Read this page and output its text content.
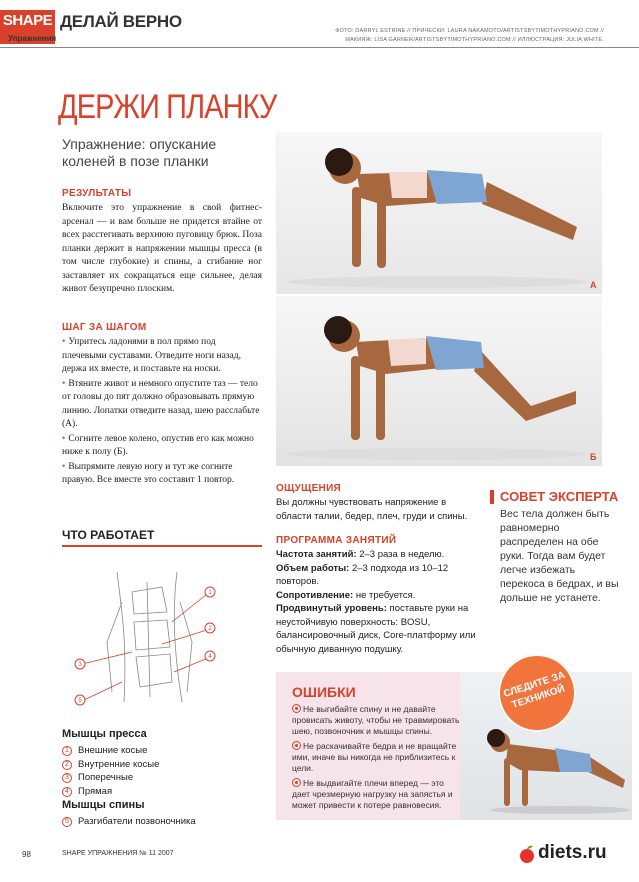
SHAPE
Упражнения
ДЕЛАЙ ВЕРНО	ФОТО: DARRYL ESTRINE // ПРИЧЕСКИ: LAURA NAKAMOTO/ARTISTSBYTIMOTHYPRIANO.COM //
МАКИЯЖ: LISA GARNER/ARTISTSBYTIMOTHYPRIANO.COM // ИЛЛЮСТРАЦИЯ: JULIA WHITE.
ДЕРЖИ ПЛАНКУ
Упражнение: опускание коленей в позе планки
РЕЗУЛЬТАТЫ
Включите это упражнение в свой фитнес-арсенал — и вам больше не придется втайне от всех расстегивать верхнюю пуговицу брюк. Поза планки держит в напряжении мышцы пресса (в том числе глубокие) и спины, а сгибание ног заставляет их сокращаться еще сильнее, делая живот безупречно плоским.
ШАГ ЗА ШАГОМ
• Упритесь ладонями в пол прямо под плечевыми суставами. Отведите ноги назад, держа их вместе, и поставьте на носки.
• Втяните живот и немного опустите таз — тело от головы до пят должно образовывать прямую линию. Лопатки отведите назад, шею расслабьте (А).
• Согните левое колено, опустив его как можно ниже к полу (Б).
• Выпрямите левую ногу и тут же согните правую. Все вместе это составит 1 повтор.
ЧТО РАБОТАЕТ
1
2
3
4
5
Мышцы пресса
1 Внешние косые
2 Внутренние косые
3 Поперечные
4 Прямая
Мышцы спины
5 Разгибатели позвоночника
А
Б
ОЩУЩЕНИЯ
Вы должны чувствовать напряжение в области талии, бедер, плеч, груди и спины.
ПРОГРАММА ЗАНЯТИЙ

Частота занятий: 2–3 раза в неделю.

Объем работы: 2–3 подхода из 10–12 повторов.

Сопротивление: не требуется.

Продвинутый уровень: поставьте руки на неустойчивую поверхность: BOSU, балансировочный диск, Core-платформу или обычную диванную подушку.

СОВЕТ ЭКСПЕРТА
Вес тела должен быть равномерно распределен на обе руки. Тогда вам будет легче избежать перекоса в бедрах, и вы дольше не устанете.
ОШИБКИ
Не выгибайте спину и не давайте провисать животу, чтобы не травмировать шею, позвоночник и мышцы спины.
Не раскачивайте бедра и не вращайте ими, иначе вы никогда не приблизитесь к цели.
Не выдвигайте плечи вперед — это дает чрезмерную нагрузку на запястья и может привести к потере равновесия.
СЛЕДИТЕ ЗА ТЕХНИКОЙ
98	SHAPE УПРАЖНЕНИЯ № 11 2007	diets.ru
